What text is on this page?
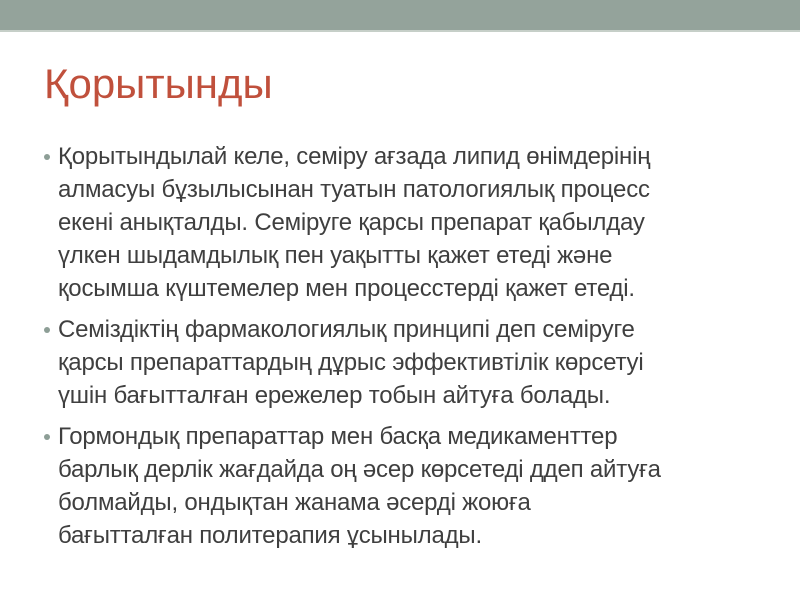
Қорытынды
Қорытындылай келе, семіру ағзада липид өнімдерінің
алмасуы бұзылысынан туатын патологиялық процесс
екені анықталды. Семіруге қарсы препарат қабылдау
үлкен шыдамдылық пен уақытты қажет етеді және
қосымша күштемелер мен процесстерді қажет етеді.
Семіздіктің фармакологиялық принципі деп семіруге
қарсы препараттардың дұрыс эффективтілік көрсетуі
үшін бағытталған ережелер тобын айтуға болады.
Гормондық препараттар мен басқа медикаменттер
барлық дерлік жағдайда оң әсер көрсетеді ддеп айтуға
болмайды, ондықтан жанама әсерді жоюға
бағытталған политерапия ұсынылады.
